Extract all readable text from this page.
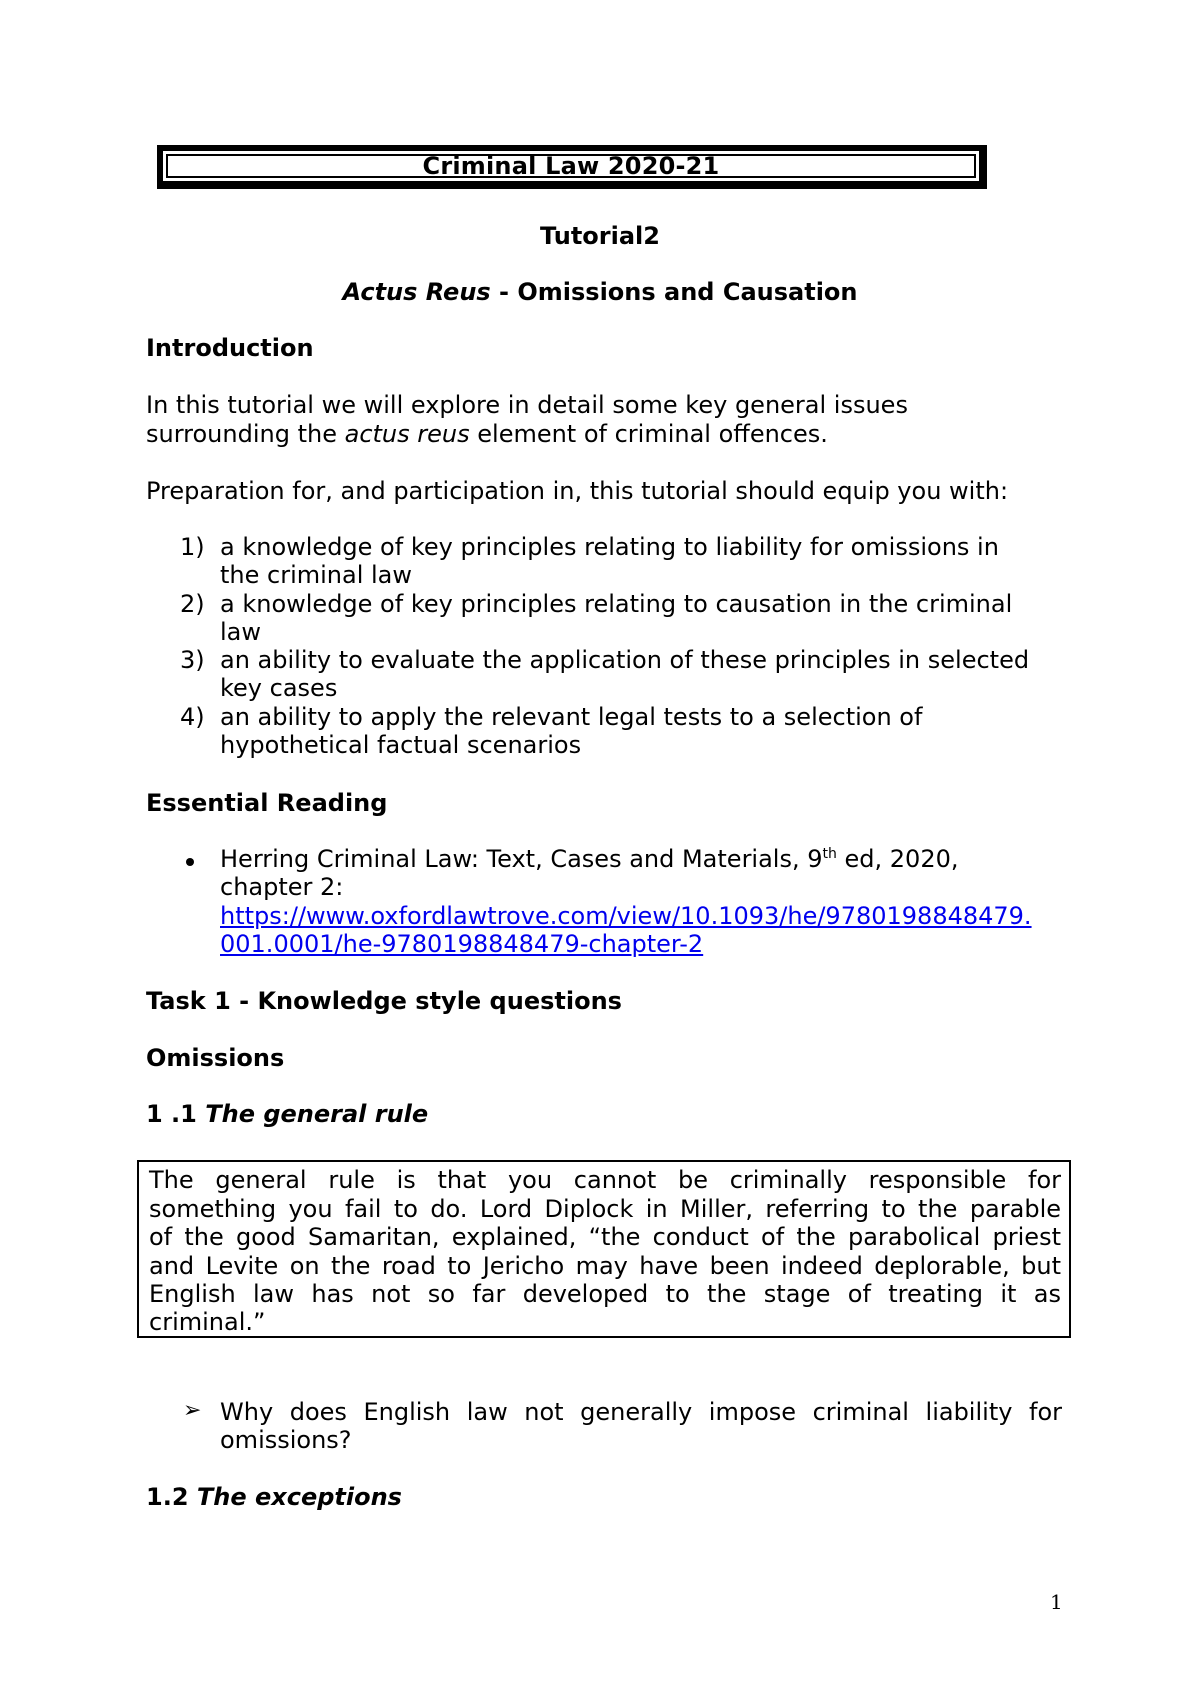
Criminal Law 2020-21
Tutorial2
Actus Reus - Omissions and Causation
Introduction
In this tutorial we will explore in detail some key general issues
surrounding the actus reus element of criminal offences.
Preparation for, and participation in, this tutorial should equip you with:
1) a knowledge of key principles relating to liability for omissions in
the criminal law
2) a knowledge of key principles relating to causation in the criminal
law
3) an ability to evaluate the application of these principles in selected
key cases
4) an ability to apply the relevant legal tests to a selection of
hypothetical factual scenarios
Essential Reading
Herring Criminal Law: Text, Cases and Materials, 9th ed, 2020,
chapter 2:
https://www.oxfordlawtrove.com/view/10.1093/he/9780198848479.
001.0001/he-9780198848479-chapter-2
Task 1 - Knowledge style questions
Omissions
1 .1 The general rule
The general rule is that you cannot be criminally responsible for
something you fail to do. Lord Diplock in Miller, referring to the parable
of the good Samaritan, explained, “the conduct of the parabolical priest
and Levite on the road to Jericho may have been indeed deplorable, but
English law has not so far developed to the stage of treating it as
criminal.”
➢ Why does English law not generally impose criminal liability for
omissions?
1.2 The exceptions
1
